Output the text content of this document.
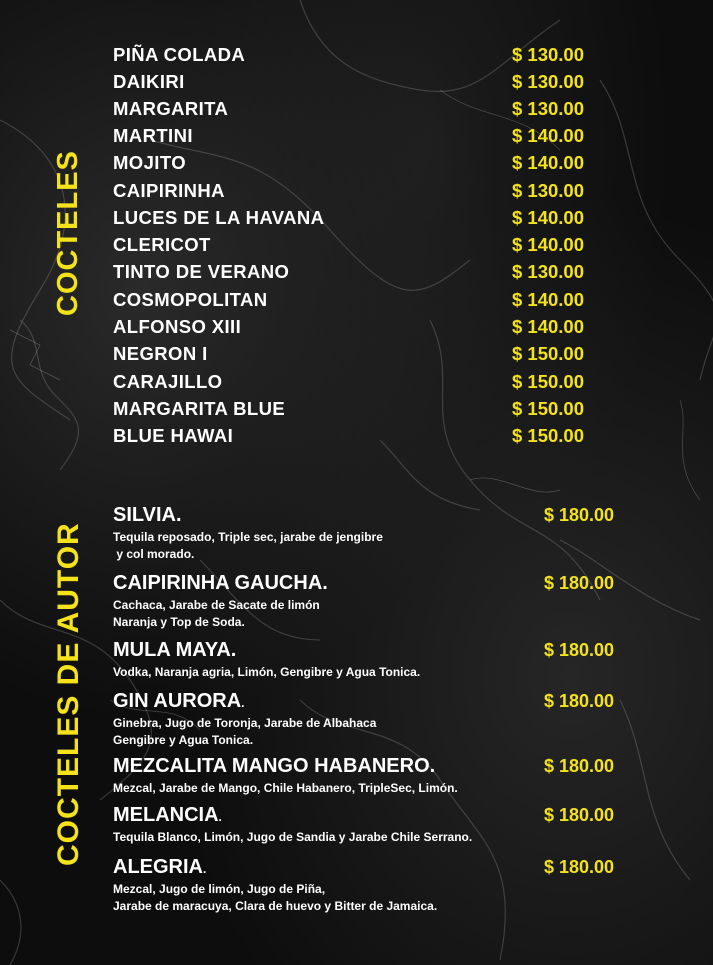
COCTELES
COCTELES DE AUTOR
PIÑA COLADA	$ 130.00
DAIKIRI	$ 130.00
MARGARITA	$ 130.00
MARTINI	$ 140.00
MOJITO	$ 140.00
CAIPIRINHA	$ 130.00
LUCES DE LA HAVANA	$ 140.00
CLERICOT	$ 140.00
TINTO DE VERANO	$ 130.00
COSMOPOLITAN	$ 140.00
ALFONSO XIII	$ 140.00
NEGRON I	$ 150.00
CARAJILLO	$ 150.00
MARGARITA BLUE	$ 150.00
BLUE HAWAI	$ 150.00
SILVIA.	$ 180.00
Tequila reposado, Triple sec, jarabe de jengibre
y col morado.
CAIPIRINHA GAUCHA.	$ 180.00
Cachaca, Jarabe de Sacate de limón
Naranja y Top de Soda.
MULA MAYA.	$ 180.00
Vodka, Naranja agria, Limón, Gengibre y Agua Tonica.
GIN AURORA.	$ 180.00
Ginebra, Jugo de Toronja, Jarabe de Albahaca
Gengibre y Agua Tonica.
MEZCALITA MANGO HABANERO.	$ 180.00
Mezcal, Jarabe de Mango, Chile Habanero, TripleSec, Limón.
MELANCIA.	$ 180.00
Tequila Blanco, Limón, Jugo de Sandia y Jarabe Chile Serrano.
ALEGRIA.	$ 180.00
Mezcal, Jugo de limón, Jugo de Piña,
Jarabe de maracuya, Clara de huevo y Bitter de Jamaica.
